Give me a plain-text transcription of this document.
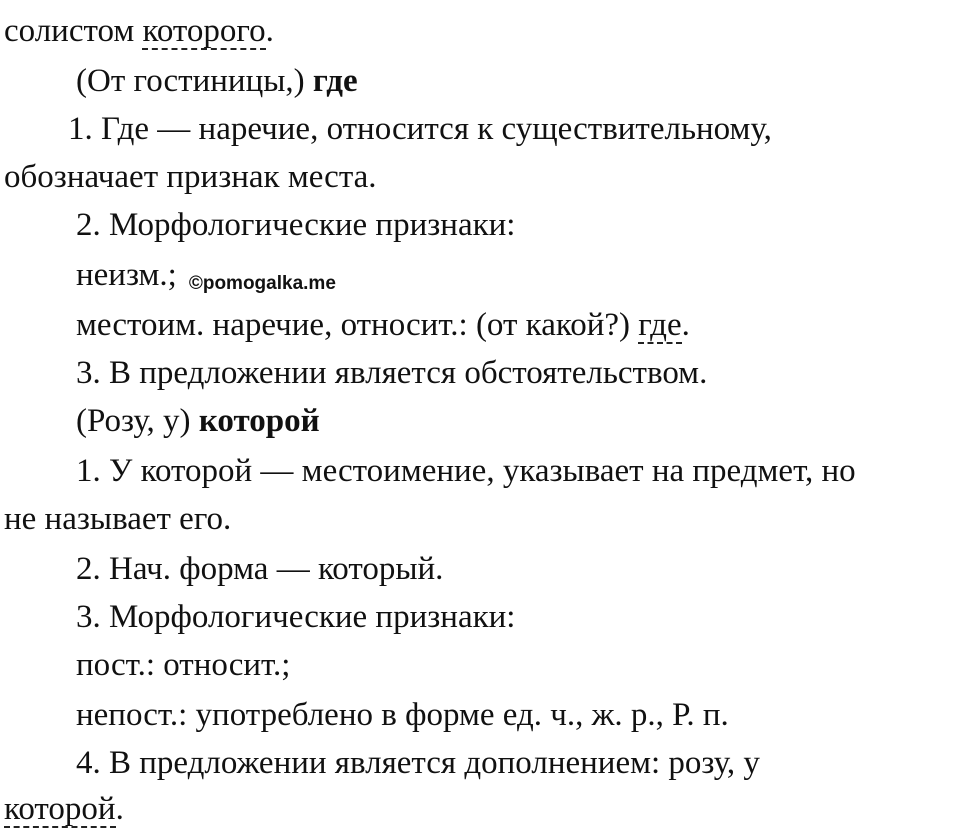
солистом которого.
(От гостиницы,) где
1. Где — наречие, относится к существительному,
обозначает признак места.
2. Морфологические признаки:
неизм.; ©pomogalka.me
местоим. наречие, относит.: (от какой?) где.
3. В предложении является обстоятельством.
(Розу, у) которой
1. У которой — местоимение, указывает на предмет, но
не называет его.
2. Нач. форма — который.
3. Морфологические признаки:
пост.: относит.;
непост.: употреблено в форме ед. ч., ж. р., Р. п.
4. В предложении является дополнением: розу, у
которой.
